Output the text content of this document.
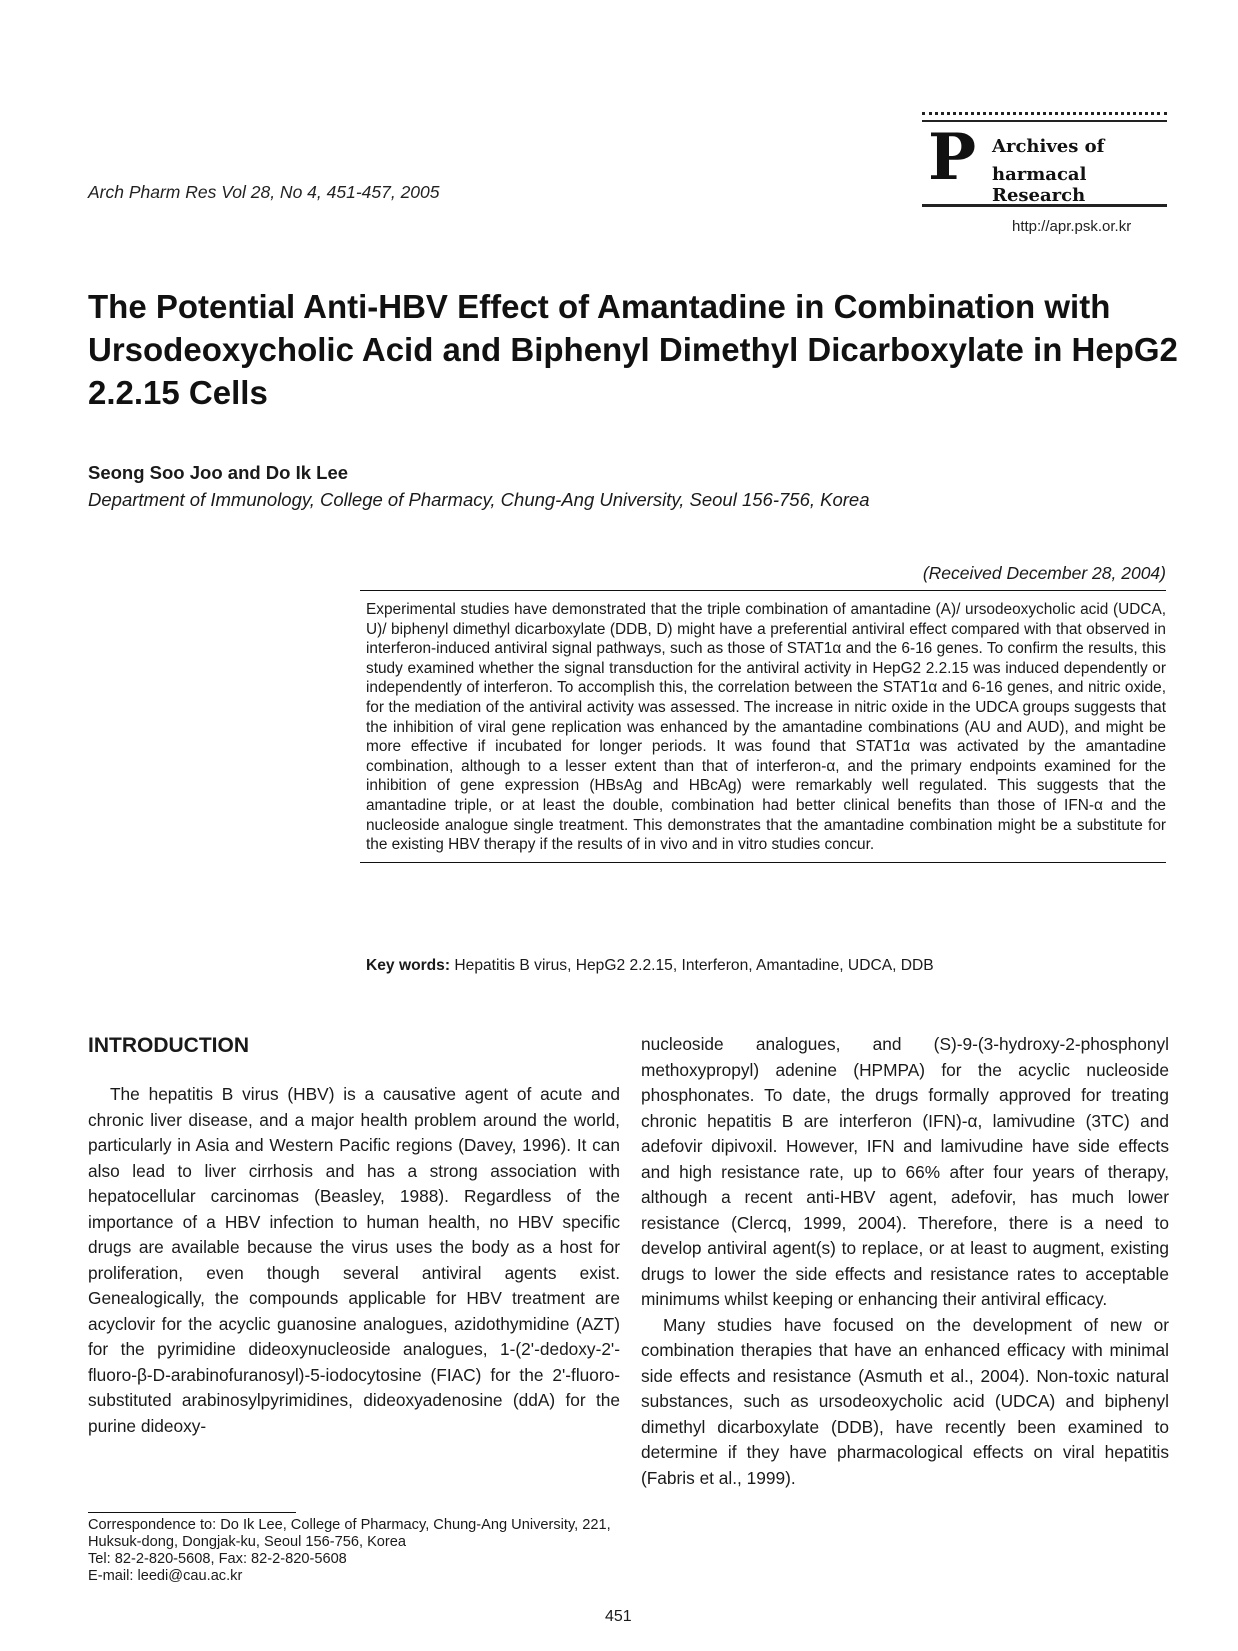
Arch Pharm Res Vol 28, No 4, 451-457, 2005	P Archives of
harmacal Research
http://apr.psk.or.kr
The Potential Anti-HBV Effect of Amantadine in Combination with Ursodeoxycholic Acid and Biphenyl Dimethyl Dicarboxylate in HepG2 2.2.15 Cells
Seong Soo Joo and Do Ik Lee
Department of Immunology, College of Pharmacy, Chung-Ang University, Seoul 156-756, Korea
(Received December 28, 2004)

Experimental studies have demonstrated that the triple combination of amantadine (A)/ ursodeoxycholic acid (UDCA, U)/ biphenyl dimethyl dicarboxylate (DDB, D) might have a preferential antiviral effect compared with that observed in interferon-induced antiviral signal pathways, such as those of STAT1α and the 6-16 genes. To confirm the results, this study examined whether the signal transduction for the antiviral activity in HepG2 2.2.15 was induced dependently or independently of interferon. To accomplish this, the correlation between the STAT1α and 6-16 genes, and nitric oxide, for the mediation of the antiviral activity was assessed. The increase in nitric oxide in the UDCA groups suggests that the inhibition of viral gene replication was enhanced by the amantadine combinations (AU and AUD), and might be more effective if incubated for longer periods. It was found that STAT1α was activated by the amantadine combination, although to a lesser extent than that of interferon-α, and the primary endpoints examined for the inhibition of gene expression (HBsAg and HBcAg) were remarkably well regulated. This suggests that the amantadine triple, or at least the double, combination had better clinical benefits than those of IFN-α and the nucleoside analogue single treatment. This demonstrates that the amantadine combination might be a substitute for the existing HBV therapy if the results of in vivo and in vitro studies concur.

Key words: Hepatitis B virus, HepG2 2.2.15, Interferon, Amantadine, UDCA, DDB
INTRODUCTION

The hepatitis B virus (HBV) is a causative agent of acute and chronic liver disease, and a major health problem around the world, particularly in Asia and Western Pacific regions (Davey, 1996). It can also lead to liver cirrhosis and has a strong association with hepatocellular carcinomas (Beasley, 1988). Regardless of the importance of a HBV infection to human health, no HBV specific drugs are available because the virus uses the body as a host for proliferation, even though several antiviral agents exist. Genealogically, the compounds applicable for HBV treatment are acyclovir for the acyclic guanosine analogues, azidothymidine (AZT) for the pyrimidine dideoxynucleoside analogues, 1-(2'-dedoxy-2'-fluoro-β-D-arabinofuranosyl)-5-iodocytosine (FIAC) for the 2'-fluoro-substituted arabinosylpyrimidines, dideoxyadenosine (ddA) for the purine dideoxy-

nucleoside analogues, and (S)-9-(3-hydroxy-2-phosphonyl methoxypropyl) adenine (HPMPA) for the acyclic nucleoside phosphonates. To date, the drugs formally approved for treating chronic hepatitis B are interferon (IFN)-α, lamivudine (3TC) and adefovir dipivoxil. However, IFN and lamivudine have side effects and high resistance rate, up to 66% after four years of therapy, although a recent anti-HBV agent, adefovir, has much lower resistance (Clercq, 1999, 2004). Therefore, there is a need to develop antiviral agent(s) to replace, or at least to augment, existing drugs to lower the side effects and resistance rates to acceptable minimums whilst keeping or enhancing their antiviral efficacy.

Many studies have focused on the development of new or combination therapies that have an enhanced efficacy with minimal side effects and resistance (Asmuth et al., 2004). Non-toxic natural substances, such as ursodeoxycholic acid (UDCA) and biphenyl dimethyl dicarboxylate (DDB), have recently been examined to determine if they have pharmacological effects on viral hepatitis (Fabris et al., 1999).

Correspondence to: Do Ik Lee, College of Pharmacy, Chung-Ang University, 221, Huksuk-dong, Dongjak-ku, Seoul 156-756, Korea
Tel: 82-2-820-5608, Fax: 82-2-820-5608
E-mail: leedi@cau.ac.kr
451
